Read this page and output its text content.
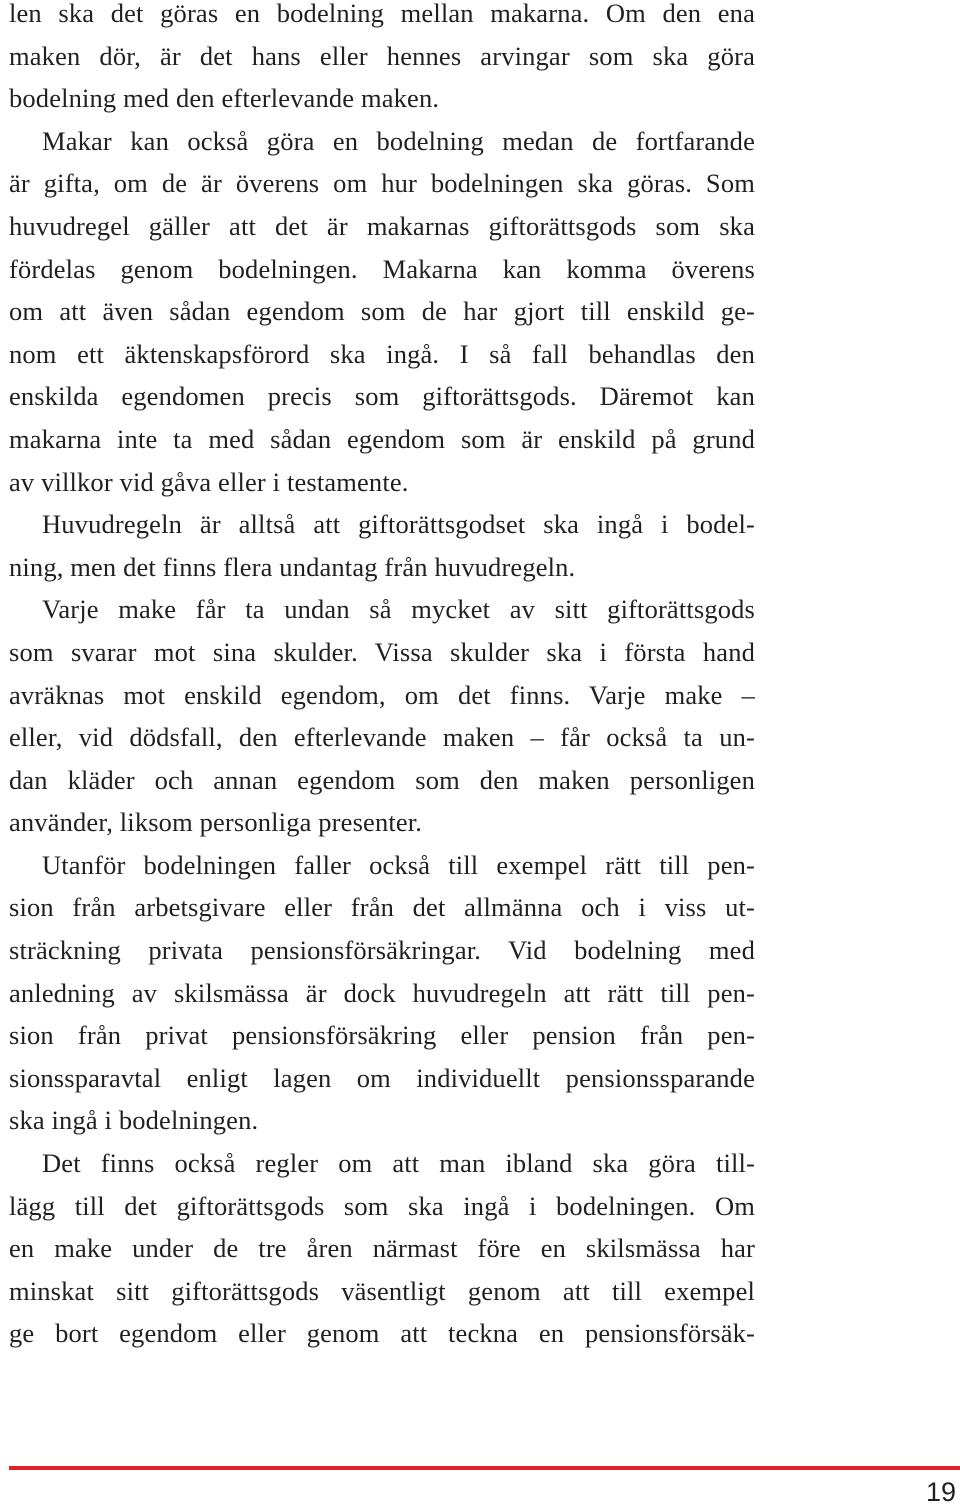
len ska det göras en bodelning mellan makarna. Om den ena
maken dör, är det hans eller hennes arvingar som ska göra
bodelning med den efterlevande maken.
Makar kan också göra en bodelning medan de fortfarande
är gifta, om de är överens om hur bodelningen ska göras. Som
huvudregel gäller att det är makarnas giftorättsgods som ska
fördelas genom bodelningen. Makarna kan komma överens
om att även sådan egendom som de har gjort till enskild ge-
nom ett äktenskapsförord ska ingå. I så fall behandlas den
enskilda egendomen precis som giftorättsgods. Däremot kan
makarna inte ta med sådan egendom som är enskild på grund
av villkor vid gåva eller i testamente.
Huvudregeln är alltså att giftorättsgodset ska ingå i bodel-
ning, men det finns flera undantag från huvudregeln.
Varje make får ta undan så mycket av sitt giftorättsgods
som svarar mot sina skulder. Vissa skulder ska i första hand
avräknas mot enskild egendom, om det finns. Varje make –
eller, vid dödsfall, den efterlevande maken – får också ta un-
dan kläder och annan egendom som den maken personligen
använder, liksom personliga presenter.
Utanför bodelningen faller också till exempel rätt till pen-
sion från arbetsgivare eller från det allmänna och i viss ut-
sträckning privata pensionsförsäkringar. Vid bodelning med
anledning av skilsmässa är dock huvudregeln att rätt till pen-
sion från privat pensionsförsäkring eller pension från pen-
sionssparavtal enligt lagen om individuellt pensionssparande
ska ingå i bodelningen.
Det finns också regler om att man ibland ska göra till-
lägg till det giftorättsgods som ska ingå i bodelningen. Om
en make under de tre åren närmast före en skilsmässa har
minskat sitt giftorättsgods väsentligt genom att till exempel
ge bort egendom eller genom att teckna en pensionsförsäk-
19
